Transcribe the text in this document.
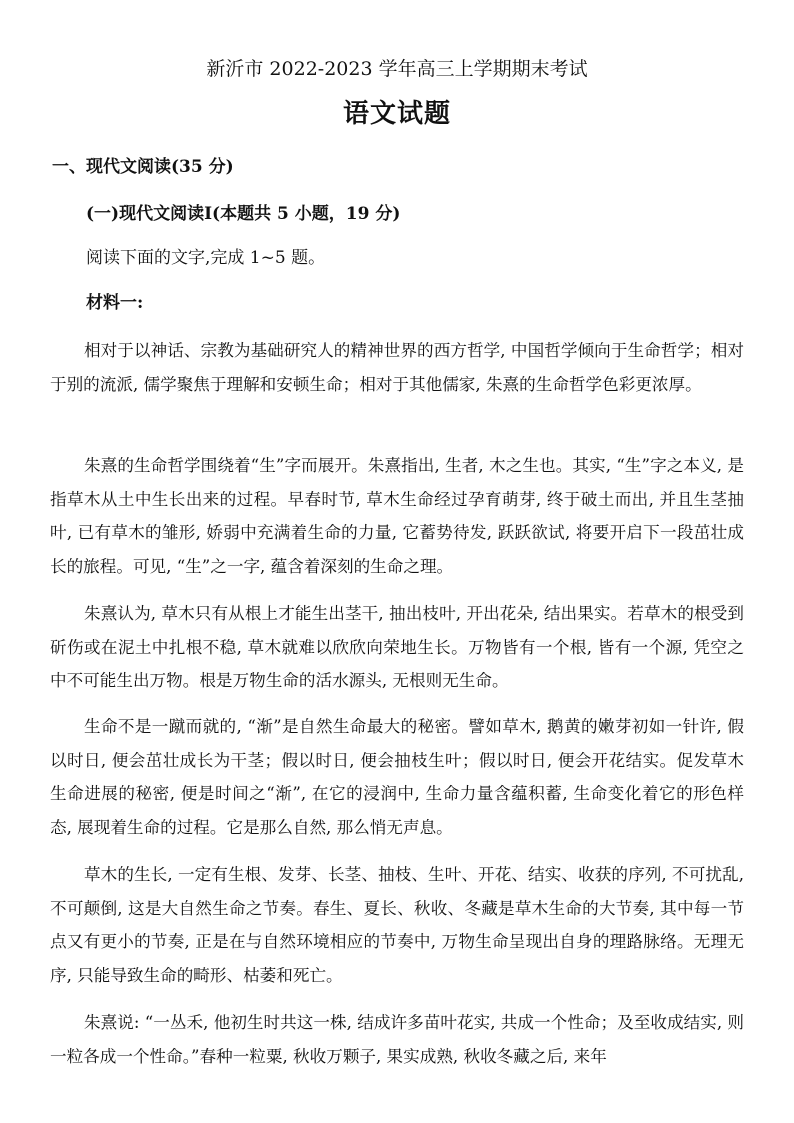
新沂市 2022-2023 学年高三上学期期末考试
语文试题
一、现代文阅读(35 分)
(一)现代文阅读Ⅰ(本题共 5 小题，19 分)
阅读下面的文字,完成 1~5 题。
材料一:

相对于以神话、宗教为基础研究人的精神世界的西方哲学, 中国哲学倾向于生命哲学；相对于别的流派, 儒学聚焦于理解和安顿生命；相对于其他儒家, 朱熹的生命哲学色彩更浓厚。

朱熹的生命哲学围绕着“生”字而展开。朱熹指出, 生者, 木之生也。其实, “生”字之本义, 是指草木从土中生长出来的过程。早春时节, 草木生命经过孕育萌芽, 终于破土而出, 并且生茎抽叶, 已有草木的雏形, 娇弱中充满着生命的力量, 它蓄势待发, 跃跃欲试, 将要开启下一段茁壮成长的旅程。可见, “生”之一字, 蕴含着深刻的生命之理。

朱熹认为, 草木只有从根上才能生出茎干, 抽出枝叶, 开出花朵, 结出果实。若草木的根受到斫伤或在泥土中扎根不稳, 草木就难以欣欣向荣地生长。万物皆有一个根, 皆有一个源, 凭空之中不可能生出万物。根是万物生命的活水源头, 无根则无生命。

生命不是一蹴而就的, “渐”是自然生命最大的秘密。譬如草木, 鹅黄的嫩芽初如一针许, 假以时日, 便会茁壮成长为干茎；假以时日, 便会抽枝生叶；假以时日, 便会开花结实。促发草木生命进展的秘密, 便是时间之“渐”, 在它的浸润中, 生命力量含蕴积蓄, 生命变化着它的形色样态, 展现着生命的过程。它是那么自然, 那么悄无声息。

草木的生长, 一定有生根、发芽、长茎、抽枝、生叶、开花、结实、收获的序列, 不可扰乱, 不可颠倒, 这是大自然生命之节奏。春生、夏长、秋收、冬藏是草木生命的大节奏, 其中每一节点又有更小的节奏, 正是在与自然环境相应的节奏中, 万物生命呈现出自身的理路脉络。无理无序, 只能导致生命的畸形、枯萎和死亡。

朱熹说: “一丛禾, 他初生时共这一株, 结成许多苗叶花实, 共成一个性命；及至收成结实, 则一粒各成一个性命。”春种一粒粟, 秋收万颗子, 果实成熟, 秋收冬藏之后, 来年
